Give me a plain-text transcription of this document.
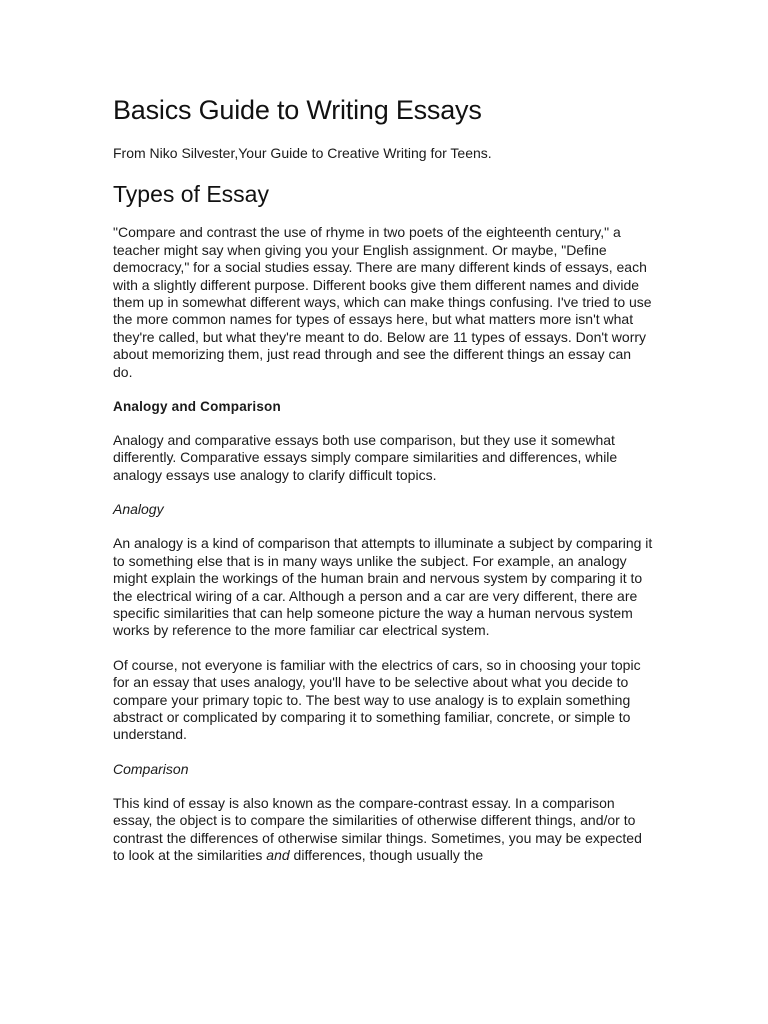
Basics Guide to Writing Essays

From Niko Silvester,Your Guide to Creative Writing for Teens.

Types of Essay

"Compare and contrast the use of rhyme in two poets of the eighteenth century," a teacher might say when giving you your English assignment. Or maybe, "Define democracy," for a social studies essay. There are many different kinds of essays, each with a slightly different purpose. Different books give them different names and divide them up in somewhat different ways, which can make things confusing. I've tried to use the more common names for types of essays here, but what matters more isn't what they're called, but what they're meant to do. Below are 11 types of essays. Don't worry about memorizing them, just read through and see the different things an essay can do.

Analogy and Comparison

Analogy and comparative essays both use comparison, but they use it somewhat differently. Comparative essays simply compare similarities and differences, while analogy essays use analogy to clarify difficult topics.

Analogy

An analogy is a kind of comparison that attempts to illuminate a subject by comparing it to something else that is in many ways unlike the subject. For example, an analogy might explain the workings of the human brain and nervous system by comparing it to the electrical wiring of a car. Although a person and a car are very different, there are specific similarities that can help someone picture the way a human nervous system works by reference to the more familiar car electrical system.

Of course, not everyone is familiar with the electrics of cars, so in choosing your topic for an essay that uses analogy, you'll have to be selective about what you decide to compare your primary topic to. The best way to use analogy is to explain something abstract or complicated by comparing it to something familiar, concrete, or simple to understand.

Comparison

This kind of essay is also known as the compare-contrast essay. In a comparison essay, the object is to compare the similarities of otherwise different things, and/or to contrast the differences of otherwise similar things. Sometimes, you may be expected to look at the similarities and differences, though usually the
